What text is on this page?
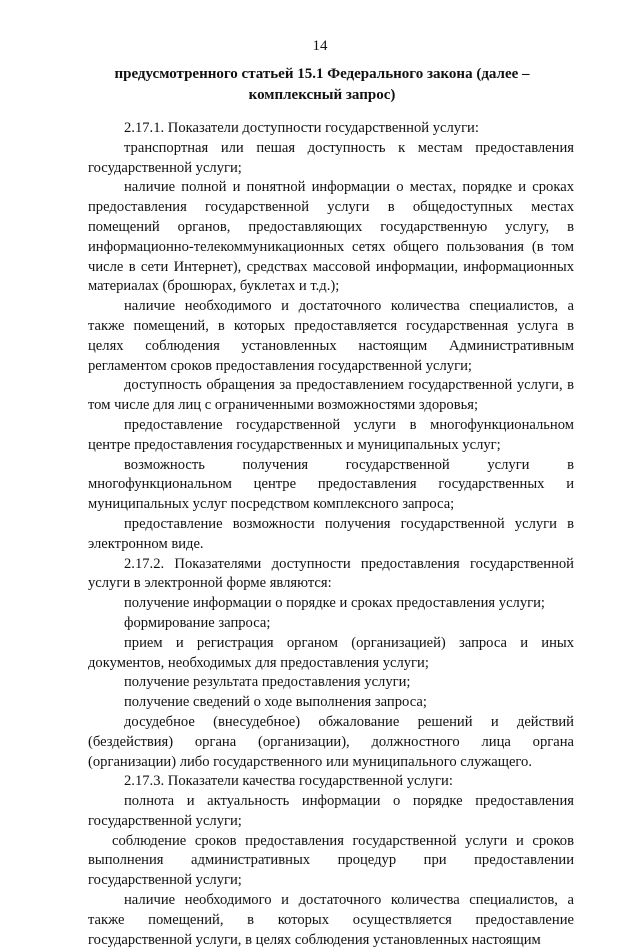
14
предусмотренного статьей 15.1 Федерального закона (далее – комплексный запрос)

2.17.1. Показатели доступности государственной услуги:

транспортная или пешая доступность к местам предоставления государственной услуги;

наличие полной и понятной информации о местах, порядке и сроках предоставления государственной услуги в общедоступных местах помещений органов, предоставляющих государственную услугу, в информационно-телекоммуникационных сетях общего пользования (в том числе в сети Интернет), средствах массовой информации, информационных материалах (брошюрах, буклетах и т.д.);

наличие необходимого и достаточного количества специалистов, а также помещений, в которых предоставляется государственная услуга в целях соблюдения установленных настоящим Административным регламентом сроков предоставления государственной услуги;

доступность обращения за предоставлением государственной услуги, в том числе для лиц с ограниченными возможностями здоровья;

предоставление государственной услуги в многофункциональном центре предоставления государственных и муниципальных услуг;

возможность получения государственной услуги в многофункциональном центре предоставления государственных и муниципальных услуг посредством комплексного запроса;

предоставление возможности получения государственной услуги в электронном виде.

2.17.2. Показателями доступности предоставления государственной услуги в электронной форме являются:

получение информации о порядке и сроках предоставления услуги;

формирование запроса;

прием и регистрация органом (организацией) запроса и иных документов, необходимых для предоставления услуги;

получение результата предоставления услуги;

получение сведений о ходе выполнения запроса;

досудебное (внесудебное) обжалование решений и действий (бездействия) органа (организации), должностного лица органа (организации) либо государственного или муниципального служащего.

2.17.3. Показатели качества государственной услуги:

полнота и актуальность информации о порядке предоставления государственной услуги;

соблюдение сроков предоставления государственной услуги и сроков выполнения административных процедур при предоставлении государственной услуги;

наличие необходимого и достаточного количества специалистов, а также помещений, в которых осуществляется предоставление государственной услуги, в целях соблюдения установленных настоящим
